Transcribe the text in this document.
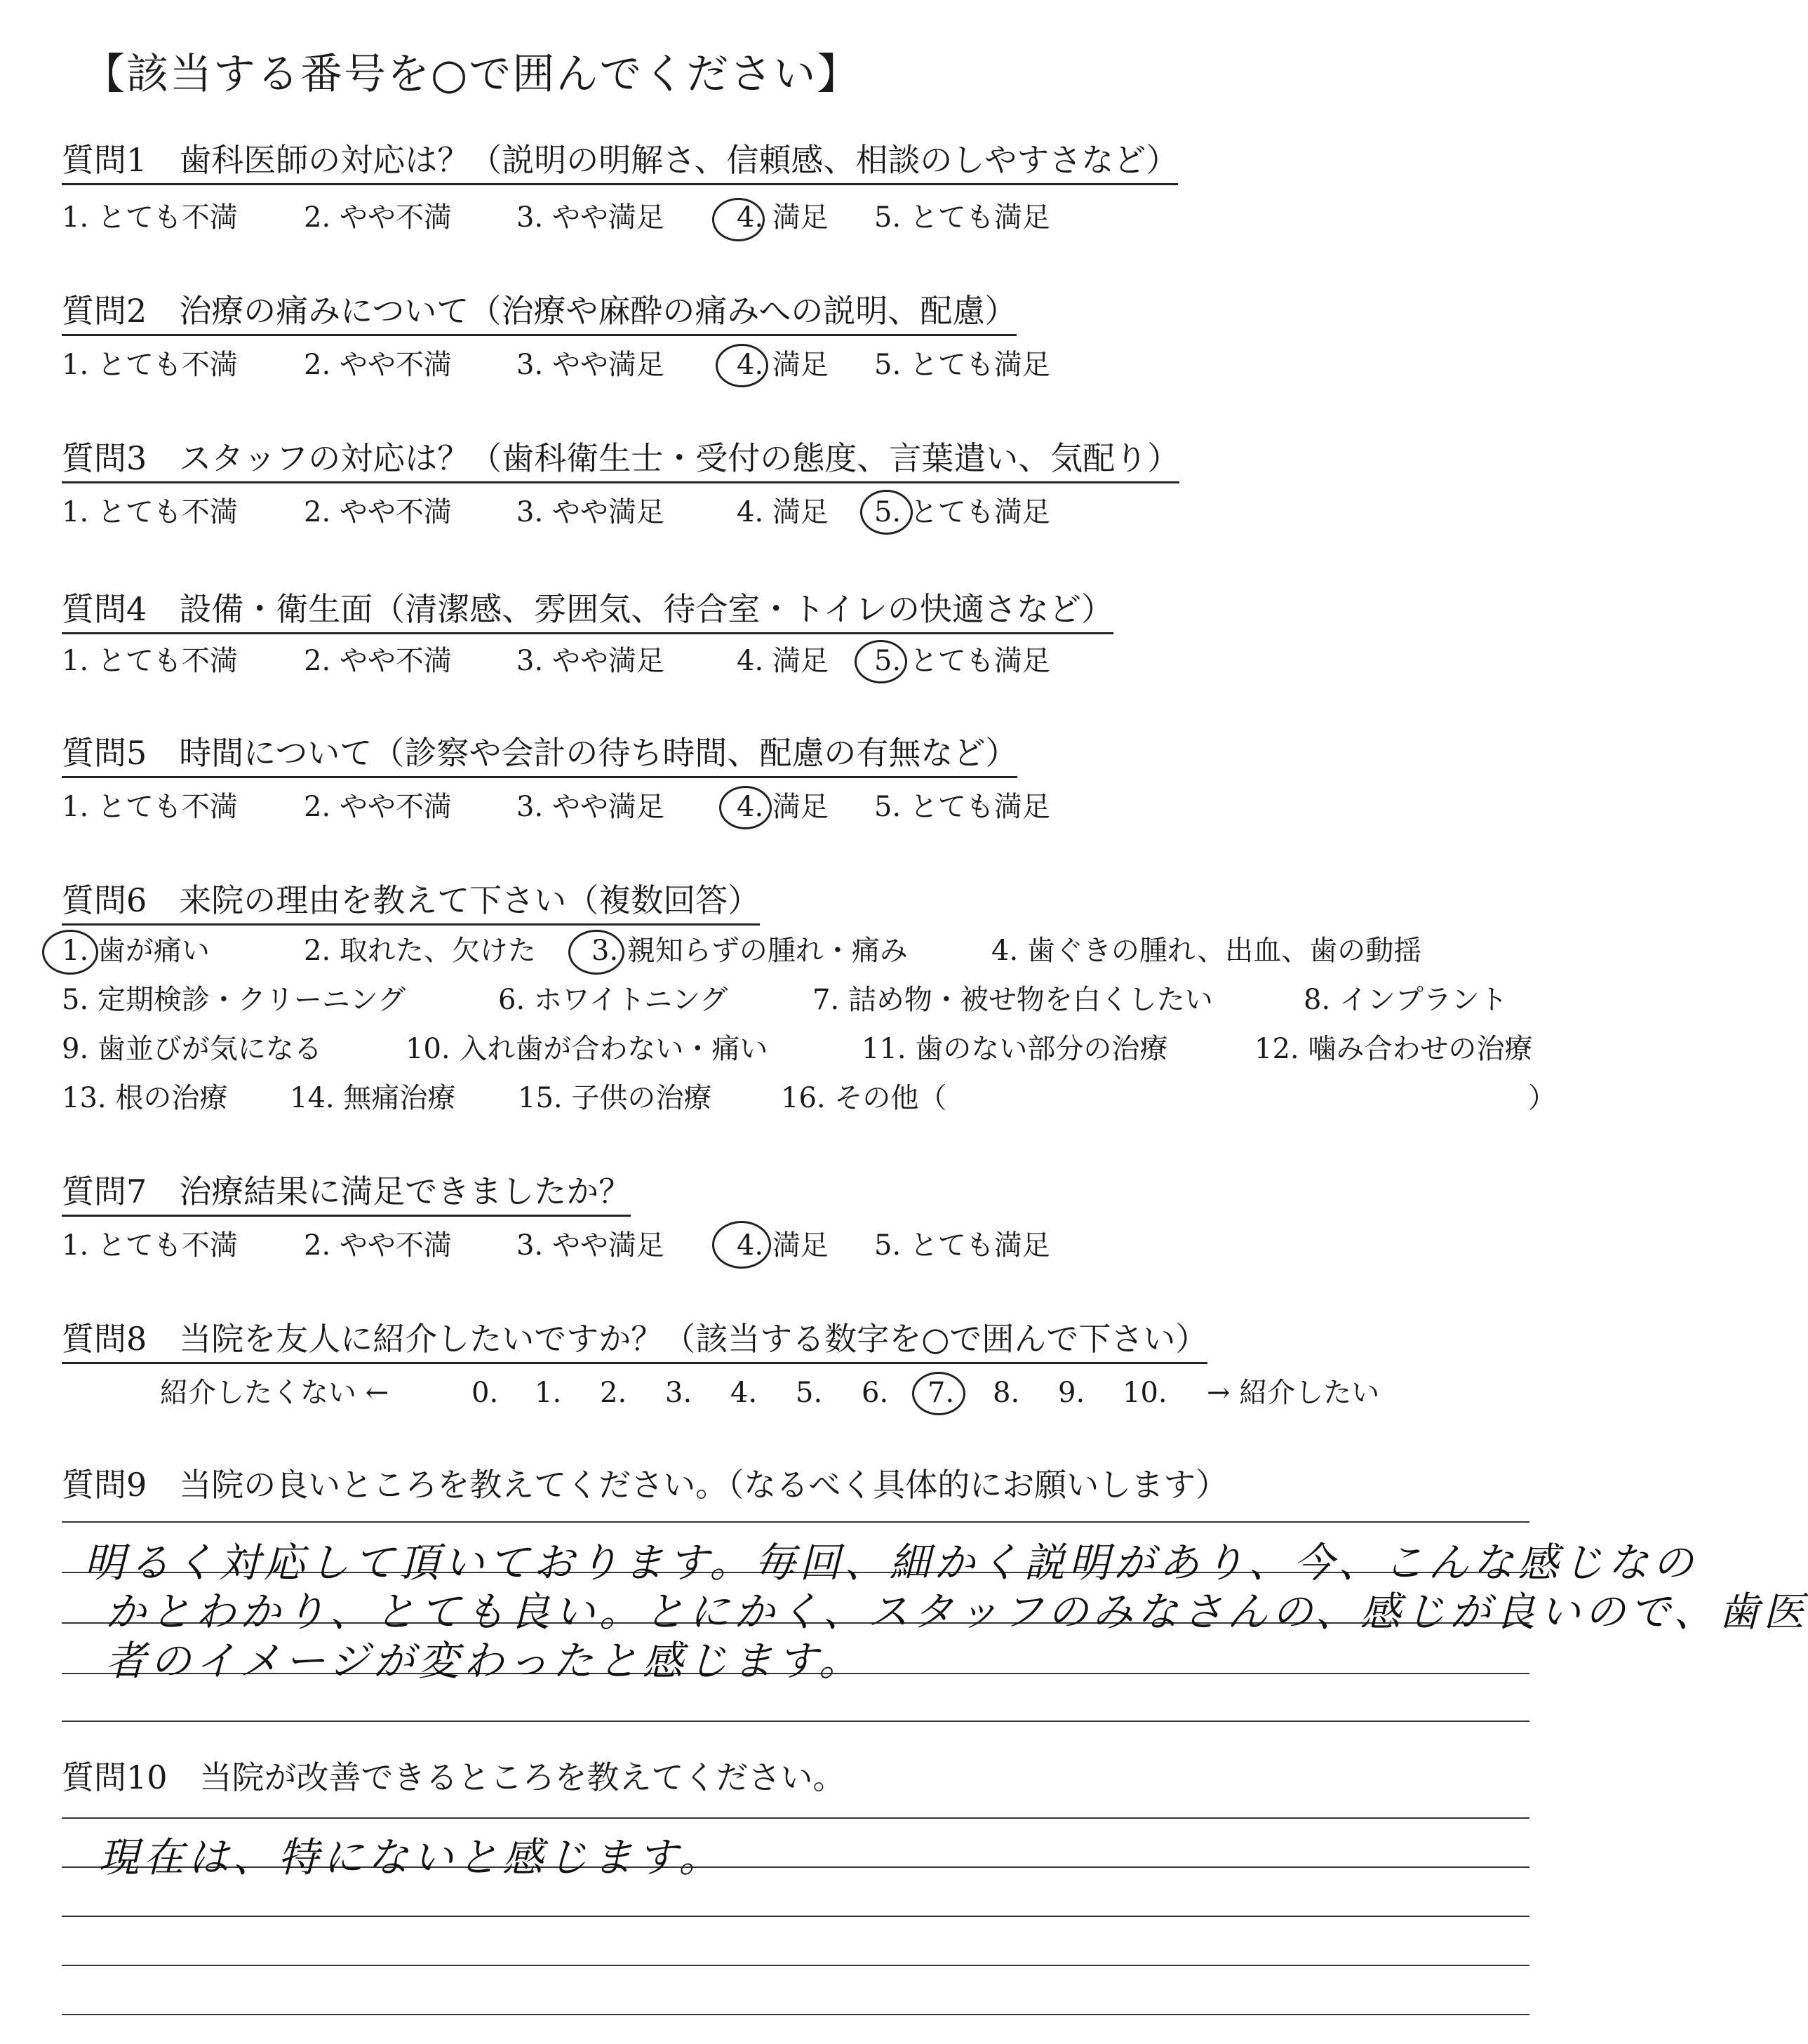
【該当する番号を○で囲んでください】
質問1　歯科医師の対応は？（説明の明解さ、信頼感、相談のしやすさなど）
1. とても不満 2. やや不満 3. やや満足	4. 満足 5. とても満足
質問2　治療の痛みについて（治療や麻酔の痛みへの説明、配慮）
1. とても不満 2. やや不満 3. やや満足	4. 満足 5. とても満足
質問3　スタッフの対応は？（歯科衛生士・受付の態度、言葉遣い、気配り）
1. とても不満 2. やや不満 3. やや満足	4. 満足 5. とても満足
質問4　設備・衛生面（清潔感、雰囲気、待合室・トイレの快適さなど）
1. とても不満 2. やや不満 3. やや満足	4. 満足 5. とても満足
質問5　時間について（診察や会計の待ち時間、配慮の有無など）
1. とても不満 2. やや不満 3. やや満足	4. 満足 5. とても満足
質問6　来院の理由を教えて下さい（複数回答）
1. 歯が痛い	2. 取れた、欠けた 3. 親知らずの腫れ・痛み	4. 歯ぐきの腫れ、出血、歯の動揺
5. 定期検診・クリーニング	6. ホワイトニング	7. 詰め物・被せ物を白くしたい	8. インプラント
9. 歯並びが気になる	10. 入れ歯が合わない・痛い	11. 歯のない部分の治療	12. 噛み合わせの治療
13. 根の治療 14. 無痛治療 15. 子供の治療 16. その他（	）
質問7　治療結果に満足できましたか？
1. とても不満 2. やや不満 3. やや満足	4. 満足 5. とても満足
質問8　当院を友人に紹介したいですか？（該当する数字を○で囲んで下さい）
紹介したくない ←	0. 1. 2. 3. 4. 5. 6. 7. 8. 9. 10. → 紹介したい
質問9　当院の良いところを教えてください。（なるべく具体的にお願いします）
明るく対応して頂いております。毎回、細かく説明があり、今、こんな感じなの
かとわかり、とても良い。とにかく、スタッフのみなさんの、感じが良いので、歯医
者のイメージが変わったと感じます。
質問10　当院が改善できるところを教えてください。
現在は、特にないと感じます。
